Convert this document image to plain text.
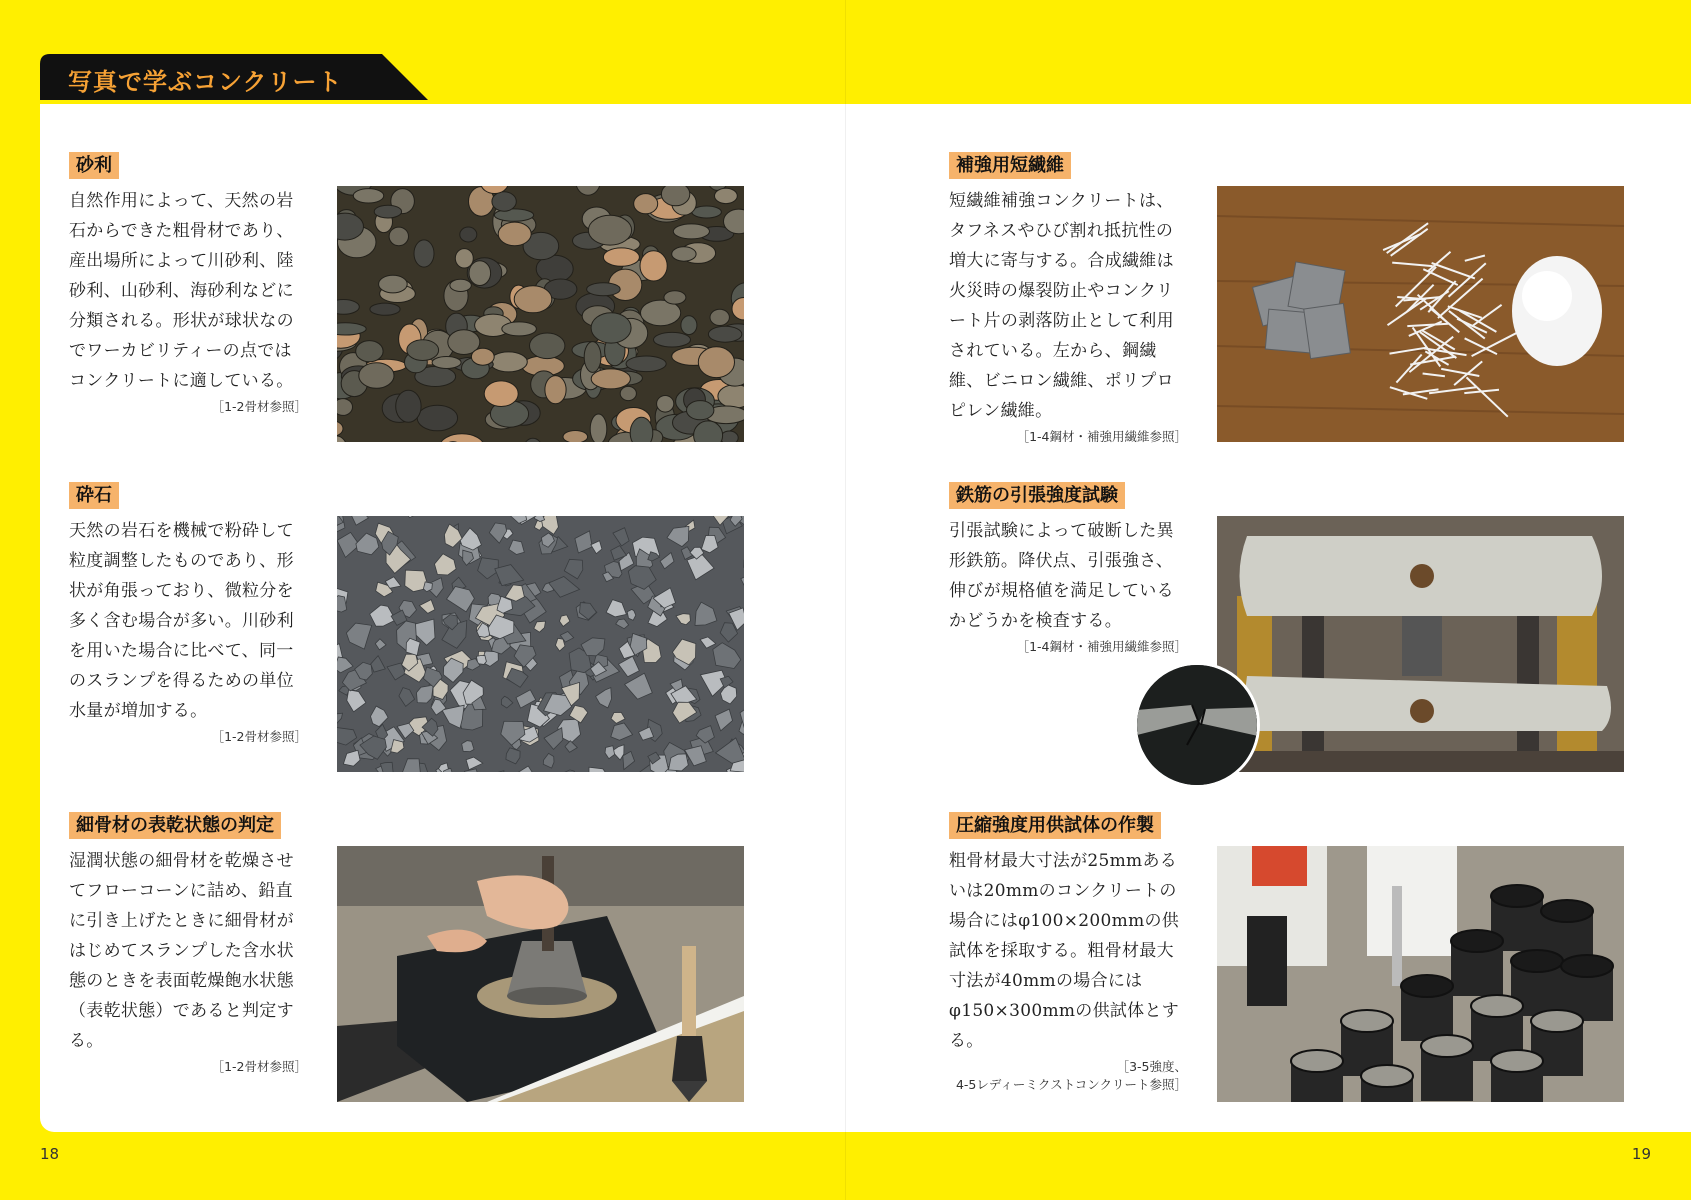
写真で学ぶコンクリート
砂利
自然作用によって、天然の岩石からできた粗骨材であり、産出場所によって川砂利、陸砂利、山砂利、海砂利などに分類される。形状が球状なのでワーカビリティーの点ではコンクリートに適している。
［1-2骨材参照］
砕石
天然の岩石を機械で粉砕して粒度調整したものであり、形状が角張っており、微粒分を多く含む場合が多い。川砂利を用いた場合に比べて、同一のスランプを得るための単位水量が増加する。
［1-2骨材参照］
細骨材の表乾状態の判定
湿潤状態の細骨材を乾燥させてフローコーンに詰め、鉛直に引き上げたときに細骨材がはじめてスランプした含水状態のときを表面乾燥飽水状態（表乾状態）であると判定する。
［1-2骨材参照］
補強用短繊維
短繊維補強コンクリートは、タフネスやひび割れ抵抗性の増大に寄与する。合成繊維は火災時の爆裂防止やコンクリート片の剥落防止として利用されている。左から、鋼繊維、ビニロン繊維、ポリプロピレン繊維。
［1-4鋼材・補強用繊維参照］
鉄筋の引張強度試験
引張試験によって破断した異形鉄筋。降伏点、引張強さ、伸びが規格値を満足しているかどうかを検査する。
［1-4鋼材・補強用繊維参照］
圧縮強度用供試体の作製
粗骨材最大寸法が25mmあるいは20mmのコンクリートの場合にはφ100×200mmの供試体を採取する。粗骨材最大寸法が40mmの場合にはφ150×300mmの供試体とする。
［3-5強度、
4-5レディーミクストコンクリート参照］
18	19
